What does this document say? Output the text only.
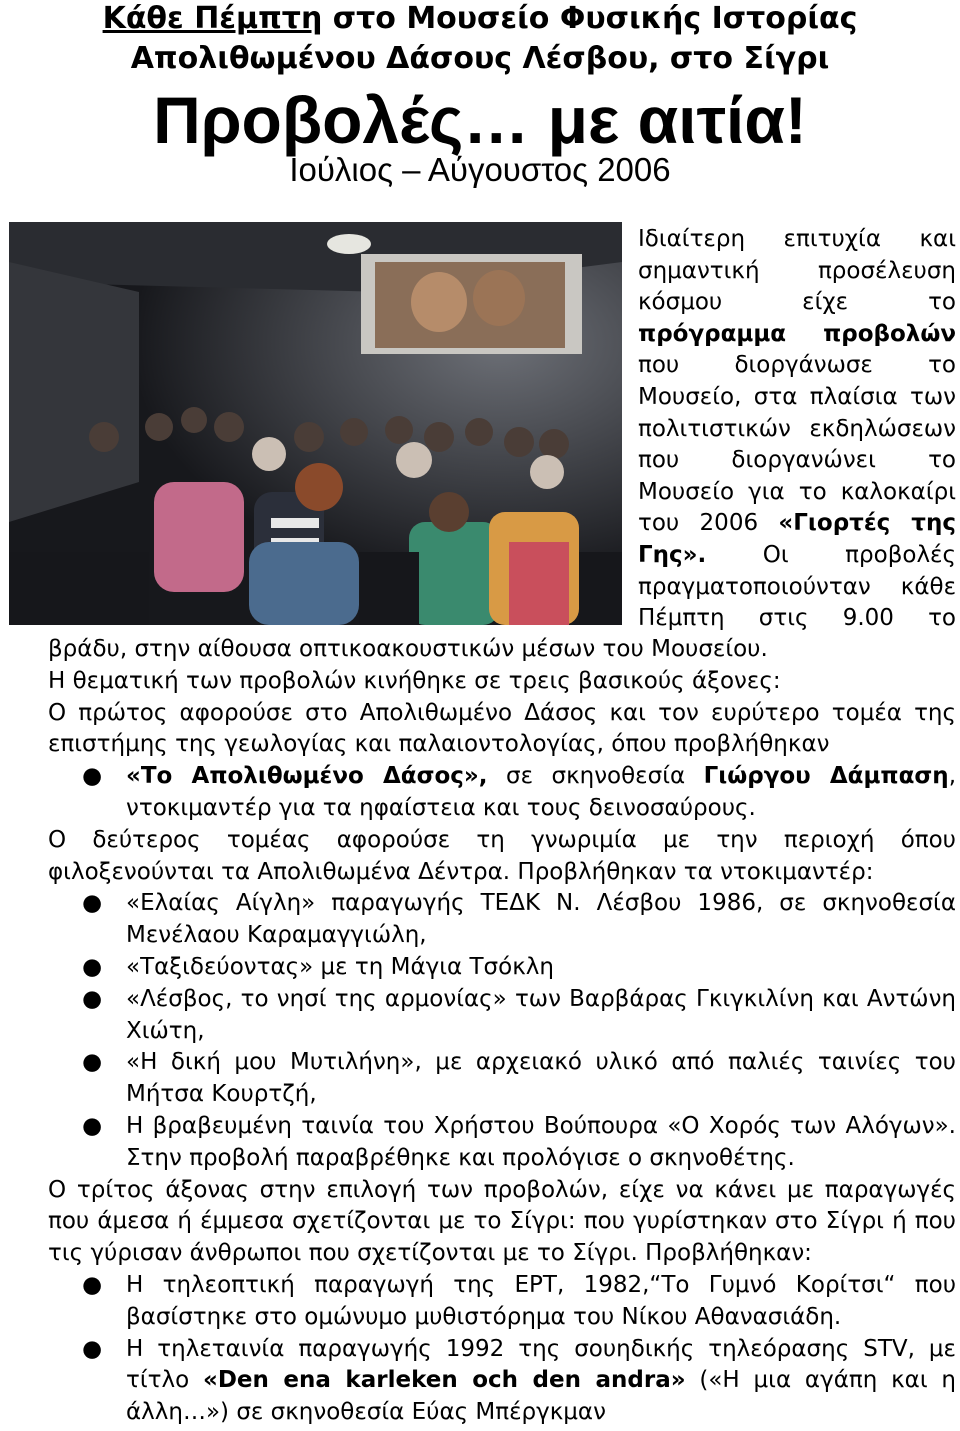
Κάθε Πέμπτη στο Μουσείο Φυσικής Ιστορίας
Απολιθωμένου Δάσους Λέσβου, στο Σίγρι
Προβολές… με αιτία!
Ιούλιος – Αύγουστος 2006

Ιδιαίτερη επιτυχία και σημαντική προσέλευση κόσμου είχε το πρόγραμμα προβολών που διοργάνωσε το Μουσείο, στα πλαίσια των πολιτιστικών εκδηλώσεων που διοργανώνει το Μουσείο για το καλοκαίρι του 2006 «Γιορτές της Γης». Οι προβολές πραγματοποιούνταν κάθε Πέμπτη στις 9.00 το

βράδυ, στην αίθουσα οπτικοακουστικών μέσων του Μουσείου.

Η θεματική των προβολών κινήθηκε σε τρεις βασικούς άξονες:

Ο πρώτος αφορούσε στο Απολιθωμένο Δάσος και τον ευρύτερο τομέα της επιστήμης της γεωλογίας και παλαιοντολογίας, όπου προβλήθηκαν

● «Το Απολιθωμένο Δάσος», σε σκηνοθεσία Γιώργου Δάμπαση, ντοκιμαντέρ για τα ηφαίστεια και τους δεινοσαύρους.

Ο δεύτερος τομέας αφορούσε τη γνωριμία με την περιοχή όπου φιλοξενούνται τα Απολιθωμένα Δέντρα. Προβλήθηκαν τα ντοκιμαντέρ:

● «Ελαίας Αίγλη» παραγωγής ΤΕΔΚ Ν. Λέσβου 1986, σε σκηνοθεσία Μενέλαου Καραμαγγιώλη,
● «Ταξιδεύοντας» με τη Μάγια Τσόκλη
● «Λέσβος, το νησί της αρμονίας» των Βαρβάρας Γκιγκιλίνη και Αντώνη Χιώτη,
● «Η δική μου Μυτιλήνη», με αρχειακό υλικό από παλιές ταινίες του Μήτσα Κουρτζή,
● Η βραβευμένη ταινία του Χρήστου Βούπουρα «Ο Χορός των Αλόγων». Στην προβολή παραβρέθηκε και προλόγισε ο σκηνοθέτης.

Ο τρίτος άξονας στην επιλογή των προβολών, είχε να κάνει με παραγωγές που άμεσα ή έμμεσα σχετίζονται με το Σίγρι: που γυρίστηκαν στο Σίγρι ή που τις γύρισαν άνθρωποι που σχετίζονται με το Σίγρι. Προβλήθηκαν:

● Η τηλεοπτική παραγωγή της ΕΡΤ, 1982,“Το Γυμνό Κορίτσι“ που βασίστηκε στο ομώνυμο μυθιστόρημα του Νίκου Αθανασιάδη.
● Η τηλεταινία παραγωγής 1992 της σουηδικής τηλεόρασης STV, με τίτλο «Den ena karleken och den andra» («Η μια αγάπη και η άλλη…») σε σκηνοθεσία Εύας Μπέργκμαν
